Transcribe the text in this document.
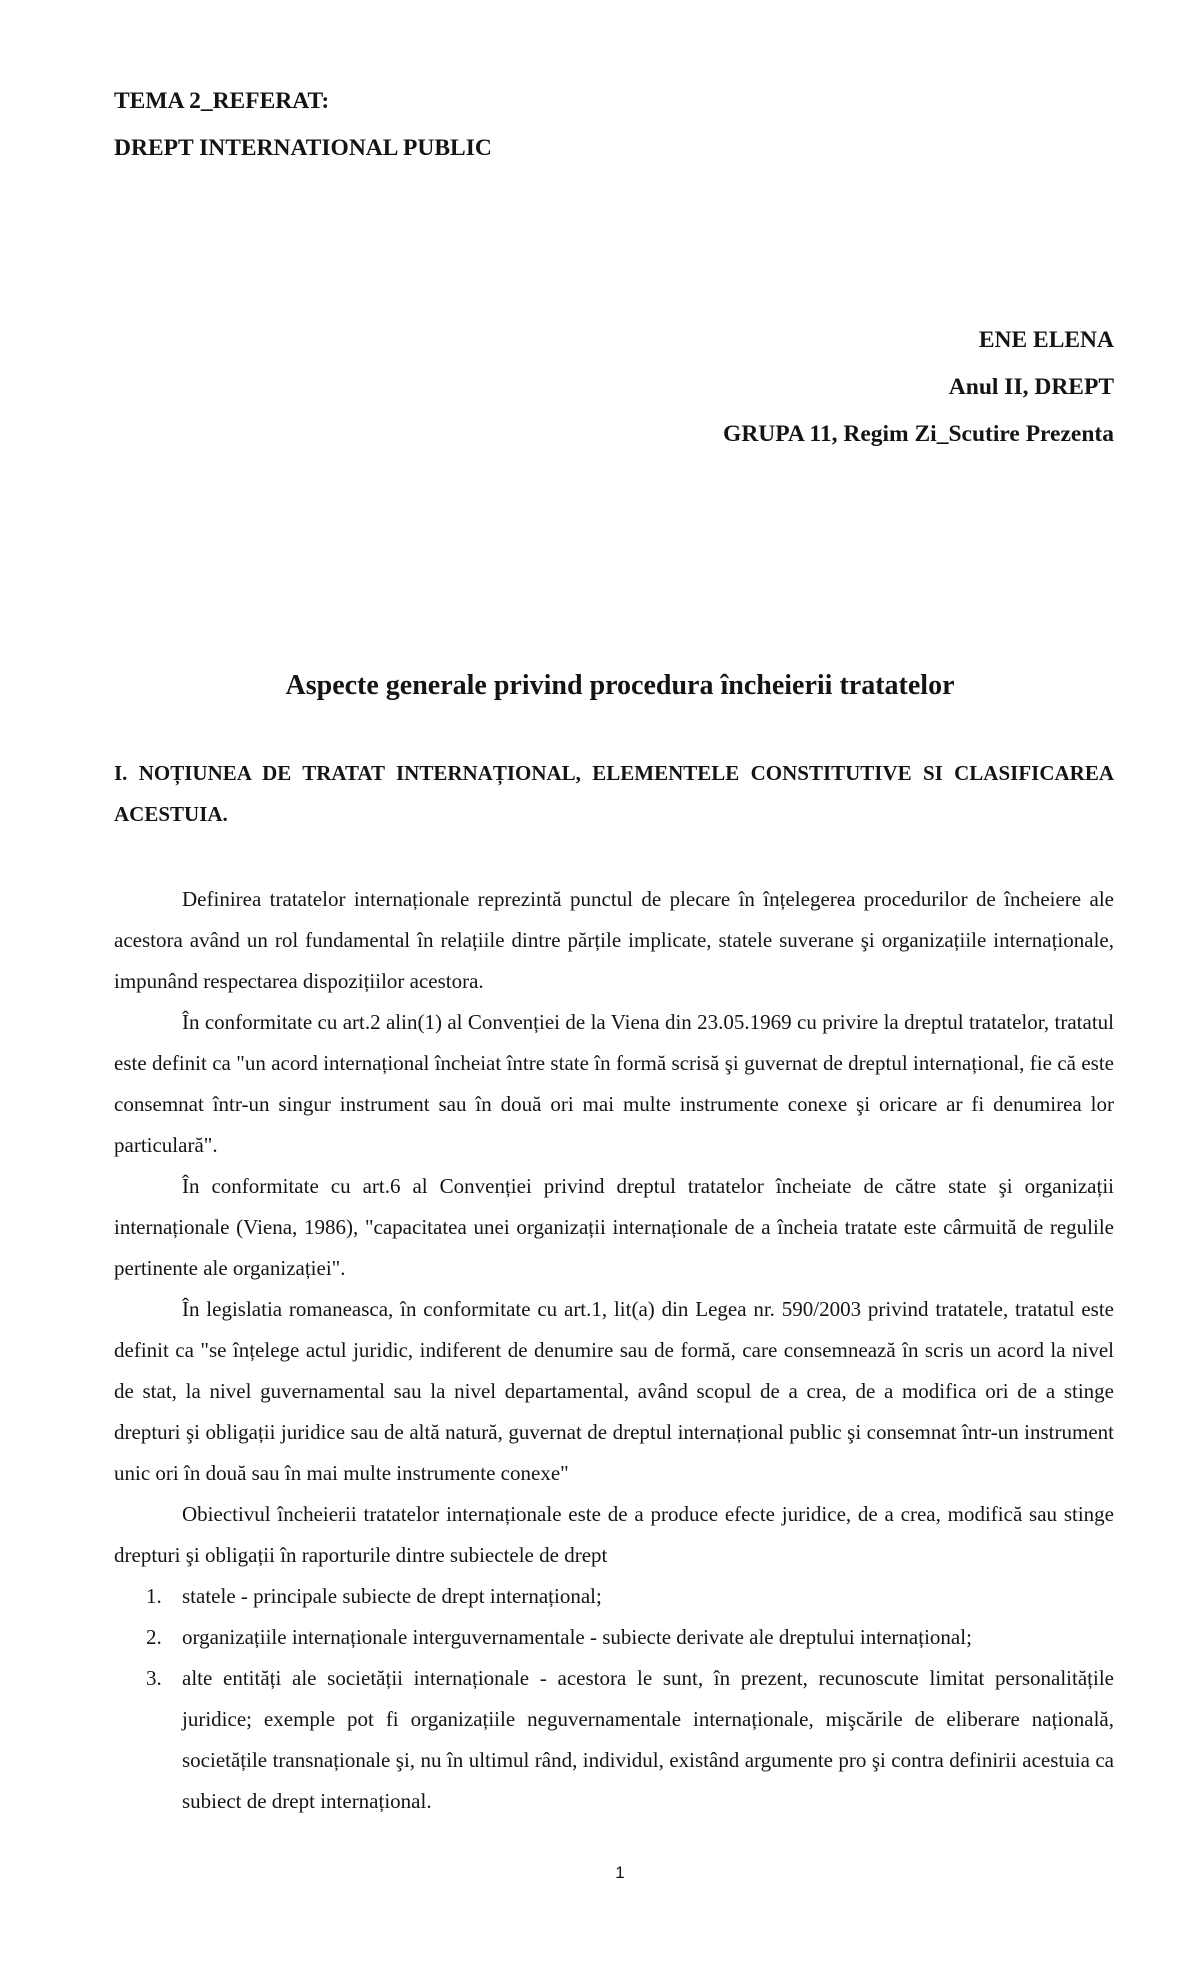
TEMA 2_REFERAT:
DREPT INTERNATIONAL PUBLIC
ENE ELENA
Anul II, DREPT
GRUPA 11, Regim Zi_Scutire Prezenta
Aspecte generale privind procedura încheierii tratatelor
I. NOȚIUNEA DE TRATAT INTERNAȚIONAL, ELEMENTELE CONSTITUTIVE SI CLASIFICAREA ACESTUIA.

Definirea tratatelor internaționale reprezintă punctul de plecare în înțelegerea procedurilor de încheiere ale acestora având un rol fundamental în relațiile dintre părțile implicate, statele suverane şi organizațiile internaționale, impunând respectarea dispozițiilor acestora.

În conformitate cu art.2 alin(1) al Convenției de la Viena din 23.05.1969 cu privire la dreptul tratatelor, tratatul este definit ca "un acord internațional încheiat între state în formă scrisă şi guvernat de dreptul internațional, fie că este consemnat într-un singur instrument sau în două ori mai multe instrumente conexe şi oricare ar fi denumirea lor particulară".

În conformitate cu art.6 al Convenției privind dreptul tratatelor încheiate de către state şi organizații internaționale (Viena, 1986), "capacitatea unei organizații internaționale de a încheia tratate este cârmuită de regulile pertinente ale organizației".

În legislatia romaneasca, în conformitate cu art.1, lit(a) din Legea nr. 590/2003 privind tratatele, tratatul este definit ca "se înțelege actul juridic, indiferent de denumire sau de formă, care consemnează în scris un acord la nivel de stat, la nivel guvernamental sau la nivel departamental, având scopul de a crea, de a modifica ori de a stinge drepturi şi obligații juridice sau de altă natură, guvernat de dreptul internațional public şi consemnat într-un instrument unic ori în două sau în mai multe instrumente conexe"

Obiectivul încheierii tratatelor internaționale este de a produce efecte juridice, de a crea, modifică sau stinge drepturi şi obligații în raporturile dintre subiectele de drept

1. statele - principale subiecte de drept internațional;
2. organizațiile internaționale interguvernamentale - subiecte derivate ale dreptului internațional;
3. alte entități ale societății internaționale - acestora le sunt, în prezent, recunoscute limitat personalitățile juridice; exemple pot fi organizațiile neguvernamentale internaționale, mişcările de eliberare națională, societățile transnaționale şi, nu în ultimul rând, individul, existând argumente pro şi contra definirii acestuia ca subiect de drept internațional.
1
